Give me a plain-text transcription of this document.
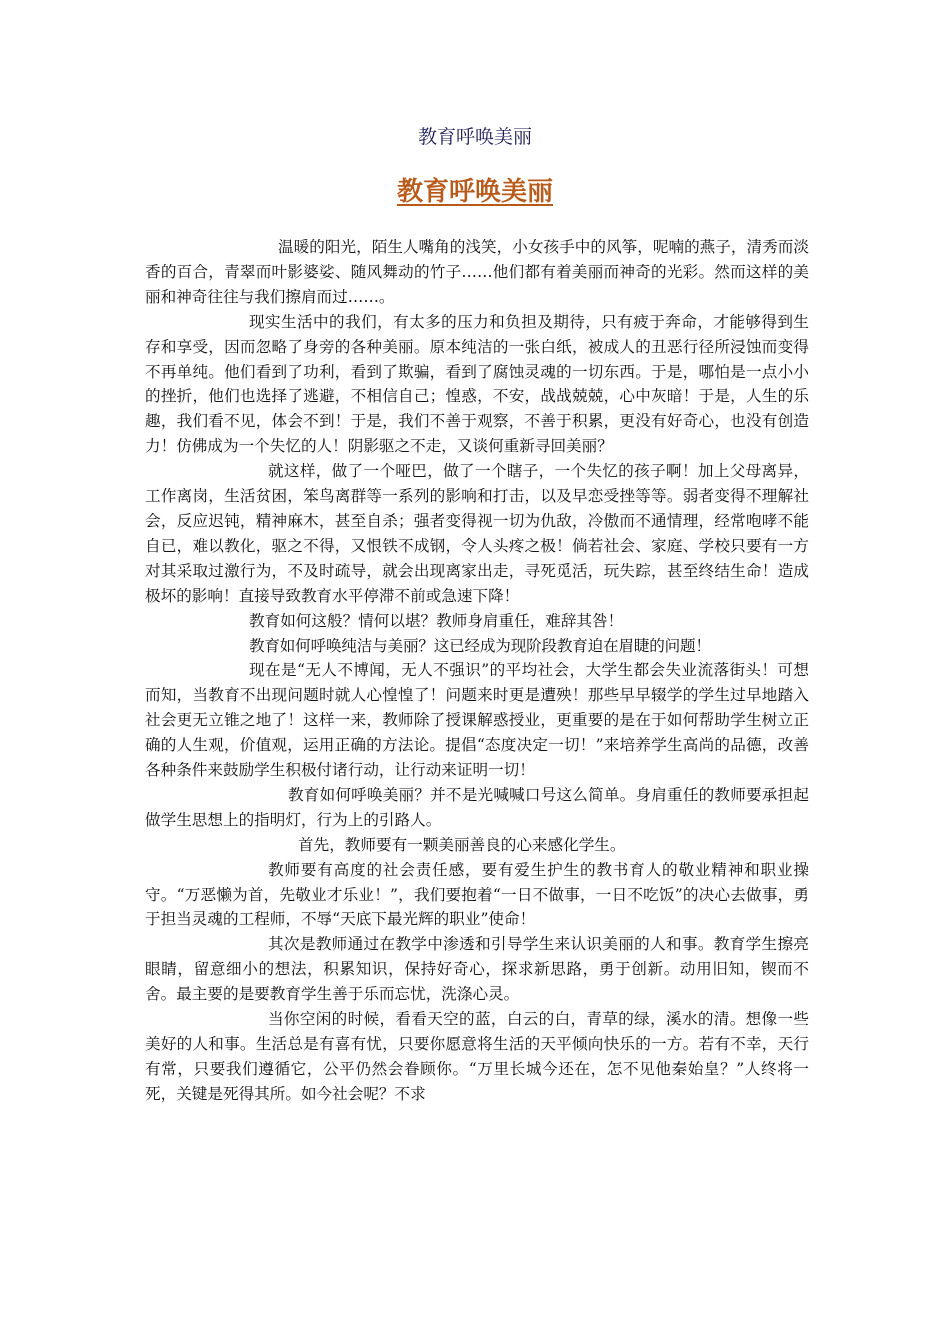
教育呼唤美丽
教育呼唤美丽

温暖的阳光，陌生人嘴角的浅笑，小女孩手中的风筝，呢喃的燕子，清秀而淡香的百合，青翠而叶影婆娑、随风舞动的竹子……他们都有着美丽而神奇的光彩。然而这样的美丽和神奇往往与我们擦肩而过……。

现实生活中的我们，有太多的压力和负担及期待，只有疲于奔命，才能够得到生存和享受，因而忽略了身旁的各种美丽。原本纯洁的一张白纸，被成人的丑恶行径所浸蚀而变得不再单纯。他们看到了功利，看到了欺骗，看到了腐蚀灵魂的一切东西。于是，哪怕是一点小小的挫折，他们也选择了逃避，不相信自己；惶惑，不安，战战兢兢，心中灰暗！于是，人生的乐趣，我们看不见，体会不到！于是，我们不善于观察，不善于积累，更没有好奇心，也没有创造力！仿佛成为一个失忆的人！阴影驱之不走，又谈何重新寻回美丽？

就这样，做了一个哑巴，做了一个瞎子，一个失忆的孩子啊！加上父母离异，工作离岗，生活贫困，笨鸟离群等一系列的影响和打击，以及早恋受挫等等。弱者变得不理解社会，反应迟钝，精神麻木，甚至自杀；强者变得视一切为仇敌，冷傲而不通情理，经常咆哮不能自已，难以教化，驱之不得，又恨铁不成钢，令人头疼之极！倘若社会、家庭、学校只要有一方对其采取过激行为，不及时疏导，就会出现离家出走，寻死觅活，玩失踪，甚至终结生命！造成极坏的影响！直接导致教育水平停滞不前或急速下降！

教育如何这般？情何以堪？教师身肩重任，难辞其咎！

教育如何呼唤纯洁与美丽？这已经成为现阶段教育迫在眉睫的问题！

现在是“无人不博闻，无人不强识”的平均社会，大学生都会失业流落街头！可想而知，当教育不出现问题时就人心惶惶了！问题来时更是遭殃！那些早早辍学的学生过早地踏入社会更无立锥之地了！这样一来，教师除了授课解惑授业，更重要的是在于如何帮助学生树立正确的人生观，价值观，运用正确的方法论。提倡“态度决定一切！”来培养学生高尚的品德，改善各种条件来鼓励学生积极付诸行动，让行动来证明一切！

教育如何呼唤美丽？并不是光喊喊口号这么简单。身肩重任的教师要承担起做学生思想上的指明灯，行为上的引路人。

首先，教师要有一颗美丽善良的心来感化学生。

教师要有高度的社会责任感，要有爱生护生的教书育人的敬业精神和职业操守。“万恶懒为首，先敬业才乐业！”，我们要抱着“一日不做事，一日不吃饭”的决心去做事，勇于担当灵魂的工程师，不辱“天底下最光辉的职业”使命！

其次是教师通过在教学中渗透和引导学生来认识美丽的人和事。教育学生擦亮眼睛，留意细小的想法，积累知识，保持好奇心，探求新思路，勇于创新。动用旧知，锲而不舍。最主要的是要教育学生善于乐而忘忧，洗涤心灵。

当你空闲的时候，看看天空的蓝，白云的白，青草的绿，溪水的清。想像一些美好的人和事。生活总是有喜有忧，只要你愿意将生活的天平倾向快乐的一方。若有不幸，天行有常，只要我们遵循它，公平仍然会眷顾你。“万里长城今还在，怎不见他秦始皇？”人终将一死，关键是死得其所。如今社会呢？不求
